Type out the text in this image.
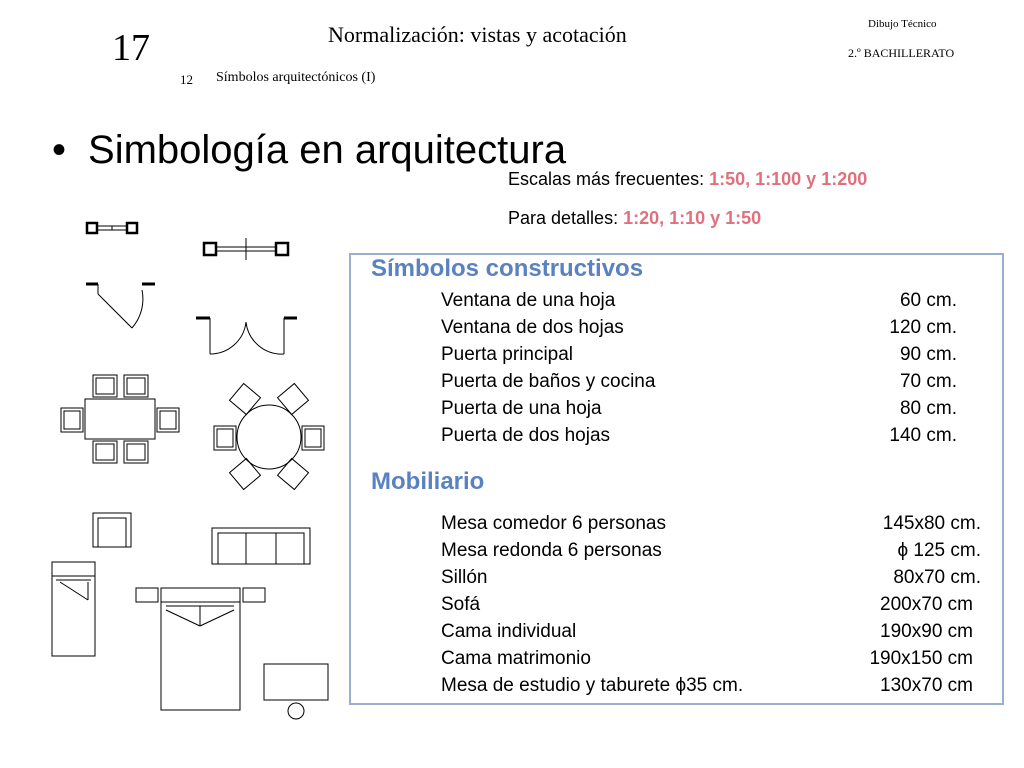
17	Normalización: vistas y acotación	Dibujo Técnico
2.º BACHILLERATO
12 Símbolos arquitectónicos (I)
• Simbología en arquitectura
Escalas más frecuentes: 1:50, 1:100 y 1:200
Para detalles: 1:20, 1:10 y 1:50
Símbolos constructivos
Ventana de una hoja	60 cm.
Ventana de dos hojas	120 cm.
Puerta principal	90 cm.
Puerta de baños y cocina	70 cm.
Puerta de una hoja	80 cm.
Puerta de dos hojas	140 cm.
Mobiliario
Mesa comedor 6 personas	145x80 cm.
Mesa redonda 6 personas	ϕ 125 cm.
Sillón	80x70 cm.
Sofá	200x70 cm
Cama individual	190x90 cm
Cama matrimonio	190x150 cm
Mesa de estudio y taburete ϕ35 cm.	130x70 cm
